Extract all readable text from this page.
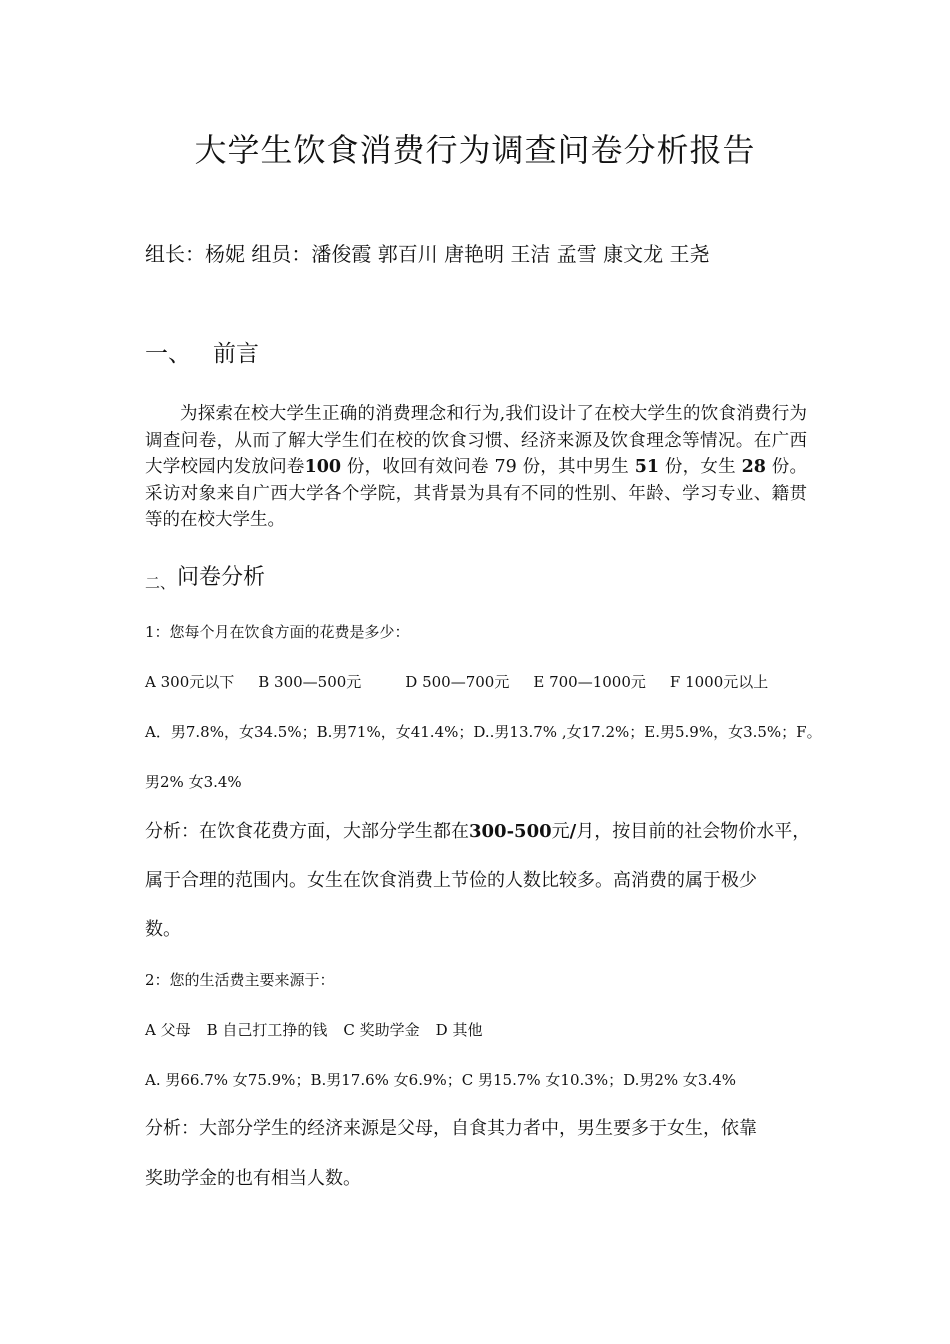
大学生饮食消费行为调查问卷分析报告
组长：杨妮 组员：潘俊霞 郭百川 唐艳明 王洁 孟雪 康文龙 王尧
一、 前言
为探索在校大学生正确的消费理念和行为,我们设计了在校大学生的饮食消费行为调查问卷，从而了解大学生们在校的饮食习惯、经济来源及饮食理念等情况。在广西大学校园内发放问卷100 份，收回有效问卷 79 份，其中男生 51 份，女生 28 份。采访对象来自广西大学各个学院，其背景为具有不同的性别、年龄、学习专业、籍贯等的在校大学生。
二、问卷分析
1：您每个月在饮食方面的花费是多少：
A 300元以下 B 300—500元	D 500—700元 E 700—1000元 F 1000元以上
A．男7.8%，女34.5%；B.男71%，女41.4%；D..男13.7% ,女17.2%；E.男5.9%，女3.5%；F。
男2% 女3.4%
分析：在饮食花费方面，大部分学生都在300-500元/月，按目前的社会物价水平，
属于合理的范围内。女生在饮食消费上节俭的人数比较多。高消费的属于极少
数。
2：您的生活费主要来源于：
A 父母 B 自己打工挣的钱 C 奖助学金 D 其他
A. 男66.7% 女75.9%；B.男17.6% 女6.9%；C 男15.7% 女10.3%；D.男2% 女3.4%
分析：大部分学生的经济来源是父母，自食其力者中，男生要多于女生，依靠
奖助学金的也有相当人数。
